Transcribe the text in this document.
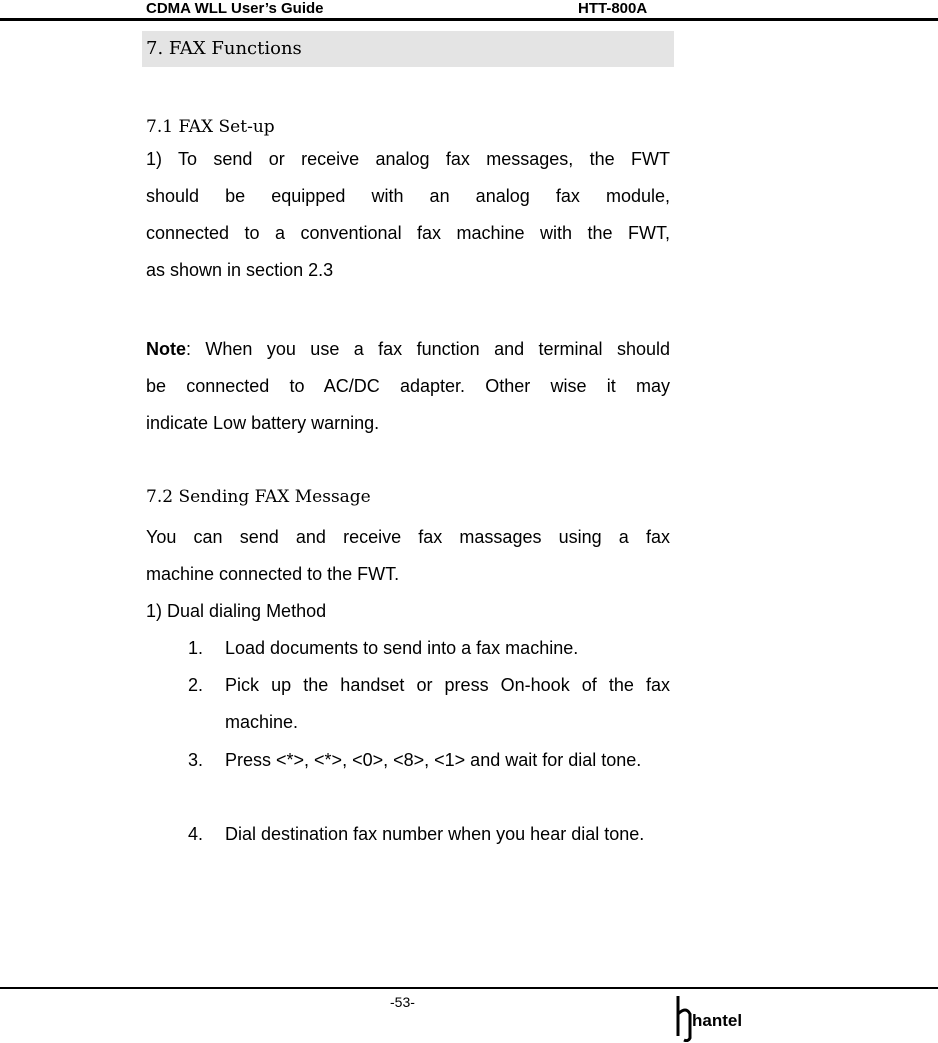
CDMA WLL User’s Guide	HTT-800A
7. FAX Functions
7.1 FAX Set-up
1) To send or receive analog fax messages, the FWT
should be equipped with an analog fax module,
connected to a conventional fax machine with the FWT,
as shown in section 2.3
Note: When you use a fax function and terminal should
be connected to AC/DC adapter. Other wise it may
indicate Low battery warning.
7.2 Sending FAX Message
You can send and receive fax massages using a fax
machine connected to the FWT.
1) Dual dialing Method
1. Load documents to send into a fax machine.
2. Pick up the handset or press On-hook of the fax machine.
3. Press <*>, <*>, <0>, <8>, <1> and wait for dial tone.
4. Dial destination fax number when you hear dial tone.
-53-
hantel
